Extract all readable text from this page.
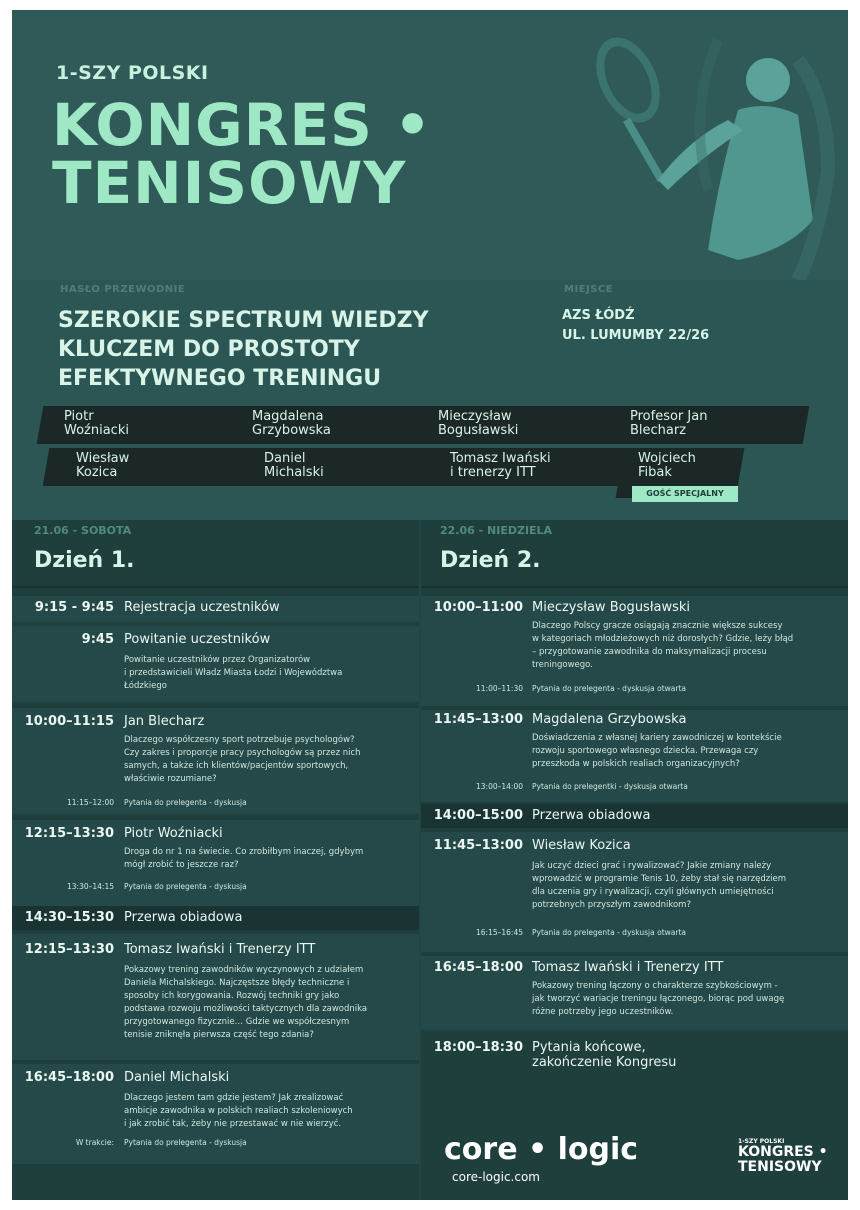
1-SZY POLSKI
KONGRES •
TENISOWY
HASŁO PRZEWODNIE
SZEROKIE SPECTRUM WIEDZY
KLUCZEM DO PROSTOTY
EFEKTYWNEGO TRENINGU
MIEJSCE
AZS ŁÓDŹ
UL. LUMUMBY 22/26
Piotr
Woźniacki
Magdalena
Grzybowska
Mieczysław
Bogusławski
Profesor Jan
Blecharz
Wiesław
Kozica
Daniel
Michalski
Tomasz Iwański
i trenerzy ITT
Wojciech
Fibak
GOŚĆ SPECJALNY
21.06 - SOBOTA
Dzień 1.
9:15 - 9:45 Rejestracja uczestników
9:45 Powitanie uczestników
Powitanie uczestników przez Organizatorów
i przedstawicieli Władz Miasta Łodzi i Województwa
Łódzkiego
10:00–11:15 Jan Blecharz
Dlaczego współczesny sport potrzebuje psychologów?
Czy zakres i proporcje pracy psychologów są przez nich
samych, a także ich klientów/pacjentów sportowych,
właściwie rozumiane?
11:15–12:00 Pytania do prelegenta - dyskusja
12:15–13:30 Piotr Woźniacki
Droga do nr 1 na świecie. Co zrobiłbym inaczej, gdybym
mógł zrobić to jeszcze raz?
13:30–14:15 Pytania do prelegenta - dyskusja
14:30–15:30 Przerwa obiadowa
12:15–13:30 Tomasz Iwański i Trenerzy ITT
Pokazowy trening zawodników wyczynowych z udziałem
Daniela Michalskiego. Najczęstsze błędy techniczne i
sposoby ich korygowania. Rozwój techniki gry jako
podstawa rozwoju możliwości taktycznych dla zawodnika
przygotowanego fizycznie… Gdzie we współczesnym
tenisie zniknęła pierwsza część tego zdania?
16:45–18:00 Daniel Michalski
Dlaczego jestem tam gdzie jestem? Jak zrealizować
ambicje zawodnika w polskich realiach szkoleniowych
i jak zrobić tak, żeby nie przestawać w nie wierzyć.
W trakcie: Pytania do prelegenta - dyskusja
22.06 - NIEDZIELA
Dzień 2.
10:00–11:00 Mieczysław Bogusławski
Dlaczego Polscy gracze osiągają znacznie większe sukcesy
w kategoriach młodzieżowych niż dorosłych? Gdzie, leży błąd
– przygotowanie zawodnika do maksymalizacji procesu
treningowego.
11:00–11:30 Pytania do prelegenta - dyskusja otwarta
11:45–13:00 Magdalena Grzybowska
Doświadczenia z własnej kariery zawodniczej w kontekście
rozwoju sportowego własnego dziecka. Przewaga czy
przeszkoda w polskich realiach organizacyjnych?
13:00–14:00 Pytania do prelegentki - dyskusja otwarta
14:00–15:00 Przerwa obiadowa
11:45–13:00 Wiesław Kozica
Jak uczyć dzieci grać i rywalizować? Jakie zmiany należy
wprowadzić w programie Tenis 10, żeby stał się narzędziem
dla uczenia gry i rywalizacji, czyli głównych umiejętności
potrzebnych przyszłym zawodnikom?
16:15–16:45 Pytania do prelegenta - dyskusja otwarta
16:45–18:00 Tomasz Iwański i Trenerzy ITT
Pokazowy trening łączony o charakterze szybkościowym -
jak tworzyć wariacje treningu łączonego, biorąc pod uwagę
różne potrzeby jego uczestników.
18:00–18:30 Pytania końcowe,
zakończenie Kongresu
core • logic
core-logic.com
1-SZY POLSKI
KONGRES •
TENISOWY
